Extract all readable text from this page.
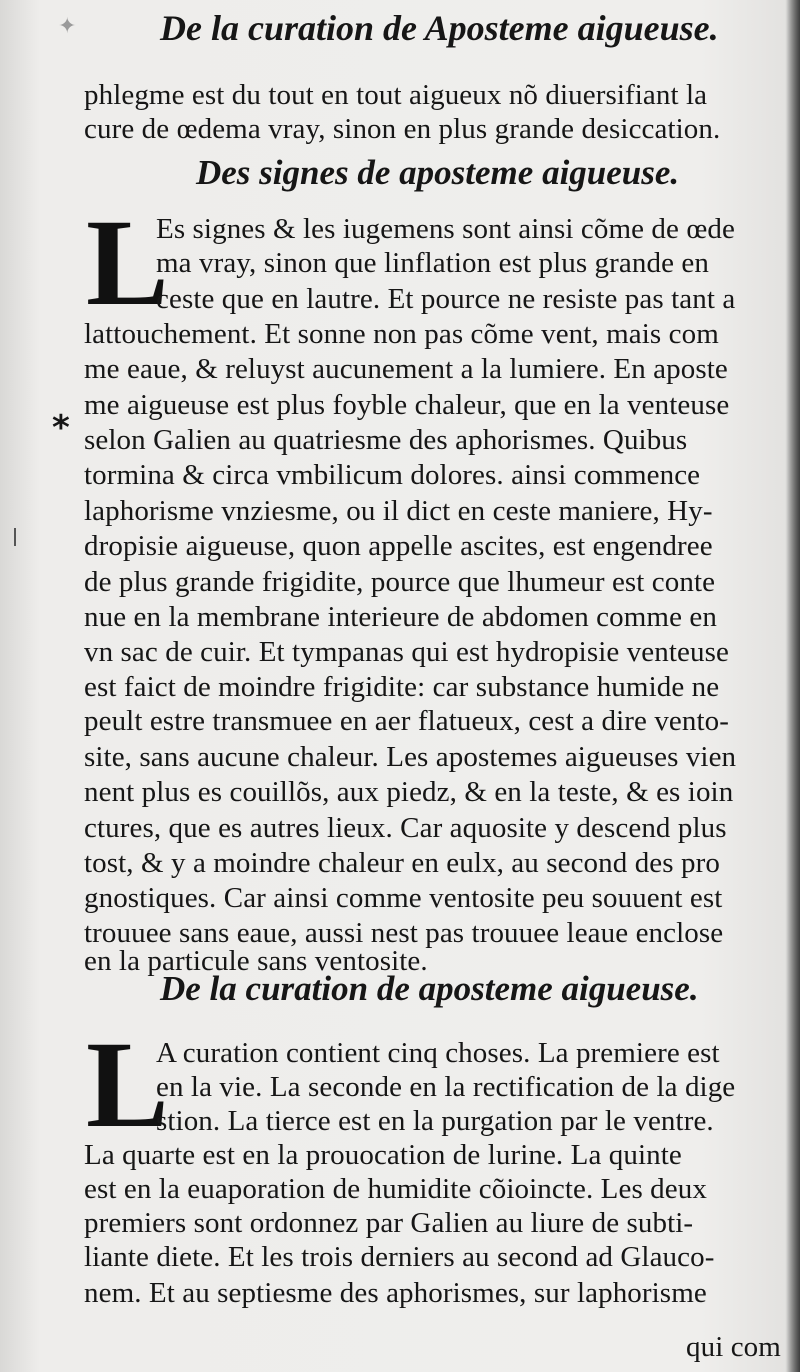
✦ De la curation de Aposteme aigueuse.
phlegme est du tout en tout aigueux nõ diuersifiant la
cure de œdema vray, sinon en plus grande desiccation.
Des signes de aposteme aigueuse.
L
*
Es signes & les iugemens sont ainsi cõme de œde
ma vray, sinon que linflation est plus grande en
ceste que en lautre. Et pource ne resiste pas tant a
lattouchement. Et sonne non pas cõme vent, mais com
me eaue, & reluyst aucunement a la lumiere. En aposte
me aigueuse est plus foyble chaleur, que en la venteuse
selon Galien au quatriesme des aphorismes. Quibus
tormina & circa vmbilicum dolores. ainsi commence
laphorisme vnziesme, ou il dict en ceste maniere, Hy-
dropisie aigueuse, quon appelle ascites, est engendree
de plus grande frigidite, pource que lhumeur est conte
nue en la membrane interieure de abdomen comme en
vn sac de cuir. Et tympanas qui est hydropisie venteuse
est faict de moindre frigidite: car substance humide ne
peult estre transmuee en aer flatueux, cest a dire vento-
site, sans aucune chaleur. Les apostemes aigueuses vien
nent plus es couillõs, aux piedz, & en la teste, & es ioin
ctures, que es autres lieux. Car aquosite y descend plus
tost, & y a moindre chaleur en eulx, au second des pro
gnostiques. Car ainsi comme ventosite peu souuent est
trouuee sans eaue, aussi nest pas trouuee leaue enclose
en la particule sans ventosite.
De la curation de aposteme aigueuse.
L
A curation contient cinq choses. La premiere est
en la vie. La seconde en la rectification de la dige
stion. La tierce est en la purgation par le ventre.
La quarte est en la prouocation de lurine. La quinte
est en la euaporation de humidite cõioincte. Les deux
premiers sont ordonnez par Galien au liure de subti-
liante diete. Et les trois derniers au second ad Glauco-
nem. Et au septiesme des aphorismes, sur laphorisme
qui com
